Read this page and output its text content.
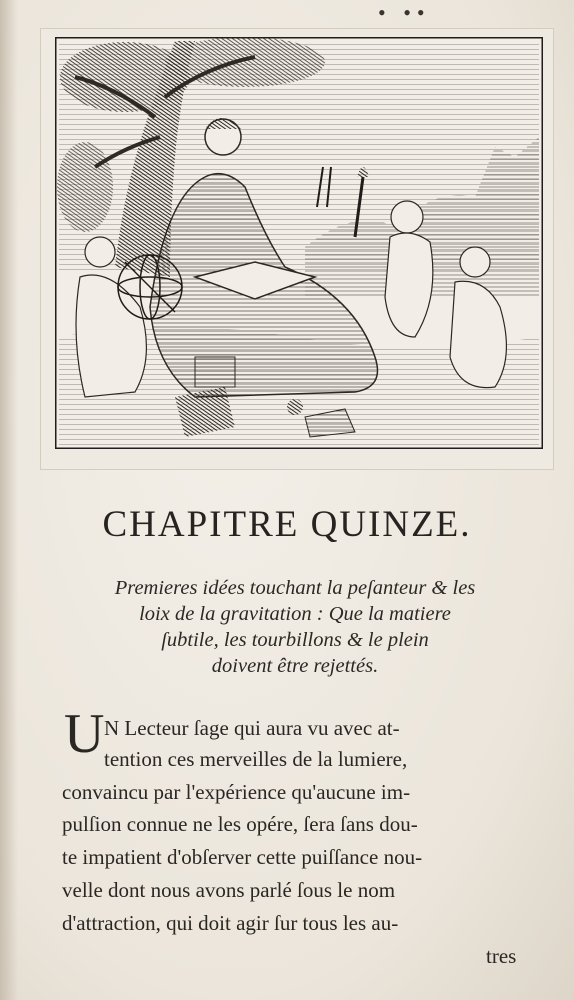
• ••
CHAPITRE QUINZE.
Premieres idées touchant la peſanteur & les
loix de la gravitation : Que la matiere
ſubtile, les tourbillons & le plein
doivent être rejettés.
U N Lecteur ſage qui aura vu avec at-
tention ces merveilles de la lumiere,
convaincu par l'expérience qu'aucune im-
pulſion connue ne les opére, ſera ſans dou-
te impatient d'obſerver cette puiſſance nou-
velle dont nous avons parlé ſous le nom
d'attraction, qui doit agir ſur tous les au-
tres
